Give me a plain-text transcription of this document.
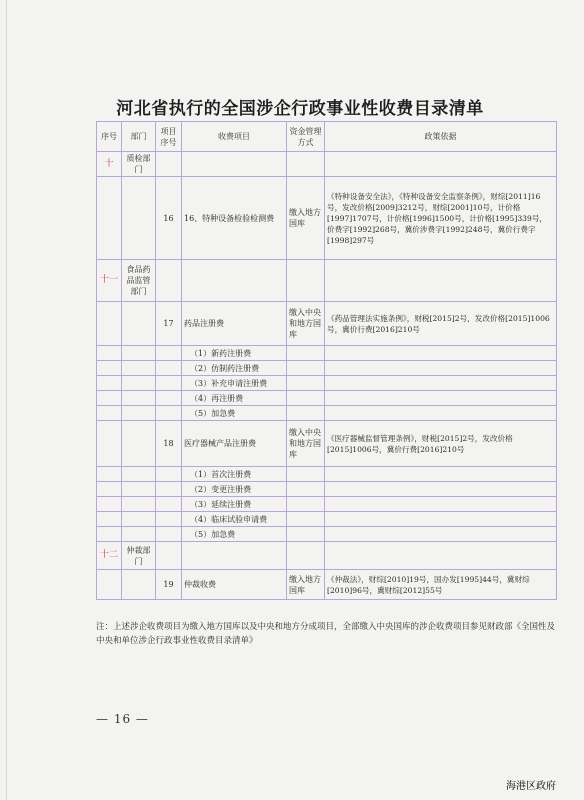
河北省执行的全国涉企行政事业性收费目录清单
序号	部门	项目序号	收费项目	资金管理方式	政策依据
十	质检部门				
		16	16、特种设备检验检测费	缴入地方国库	《特种设备安全法》，《特种设备安全监察条例》，财综[2011]16号，发改价格[2009]3212号，财综[2001]10号，计价格[1997]1707号，计价格[1996]1500号，计价格[1995]339号，价费字[1992]268号，冀价涉费字[1992]248号，冀价行费字[1998]297号
十一	食品药品监管部门				
		17	药品注册费	缴入中央和地方国库	《药品管理法实施条例》，财税[2015]2号，发改价格[2015]1006号，冀价行费[2016]210号
			（1）新药注册费		
			（2）仿制药注册费		
			（3）补充申请注册费		
			（4）再注册费		
			（5）加急费		
		18	医疗器械产品注册费	缴入中央和地方国库	《医疗器械监督管理条例》，财税[2015]2号，发改价格[2015]1006号，冀价行费[2016]210号
			（1）首次注册费		
			（2）变更注册费		
			（3）延续注册费		
			（4）临床试验申请费		
			（5）加急费		
十二	仲裁部门				
		19	仲裁收费	缴入地方国库	《仲裁法》，财综[2010]19号，国办发[1995]44号，冀财综[2010]96号，冀财综[2012]55号
注：上述涉企收费项目为缴入地方国库以及中央和地方分成项目，全部缴入中央国库的涉企收费项目参见财政部《全国性及中央和单位涉企行政事业性收费目录清单》
— 16 —
海港区政府
